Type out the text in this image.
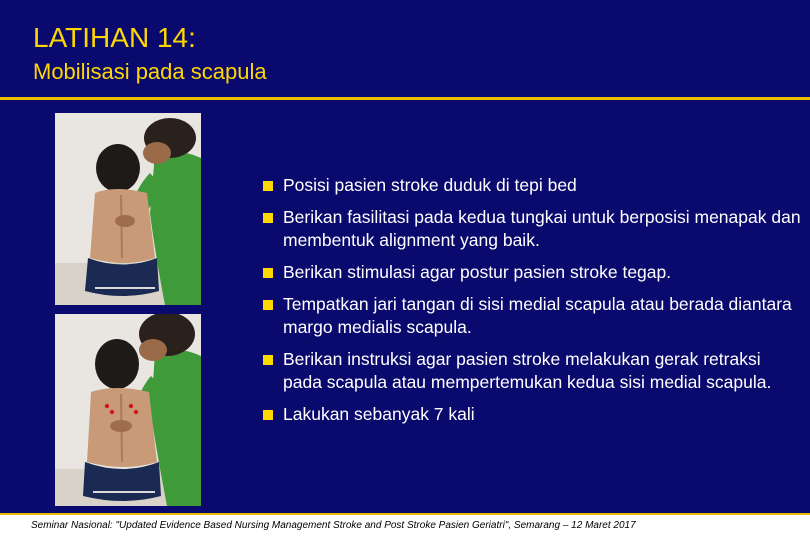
LATIHAN 14:
Mobilisasi pada scapula
Posisi pasien stroke duduk di tepi bed
Berikan fasilitasi pada kedua tungkai untuk berposisi menapak dan membentuk alignment yang baik.
Berikan stimulasi agar postur pasien stroke tegap.
Tempatkan jari tangan di sisi medial scapula atau berada diantara margo medialis scapula.
Berikan instruksi agar pasien stroke melakukan gerak retraksi pada scapula atau mempertemukan kedua sisi medial scapula.
Lakukan sebanyak 7 kali
Seminar Nasional: "Updated Evidence Based Nursing Management Stroke and Post Stroke Pasien Geriatri", Semarang – 12 Maret 2017
